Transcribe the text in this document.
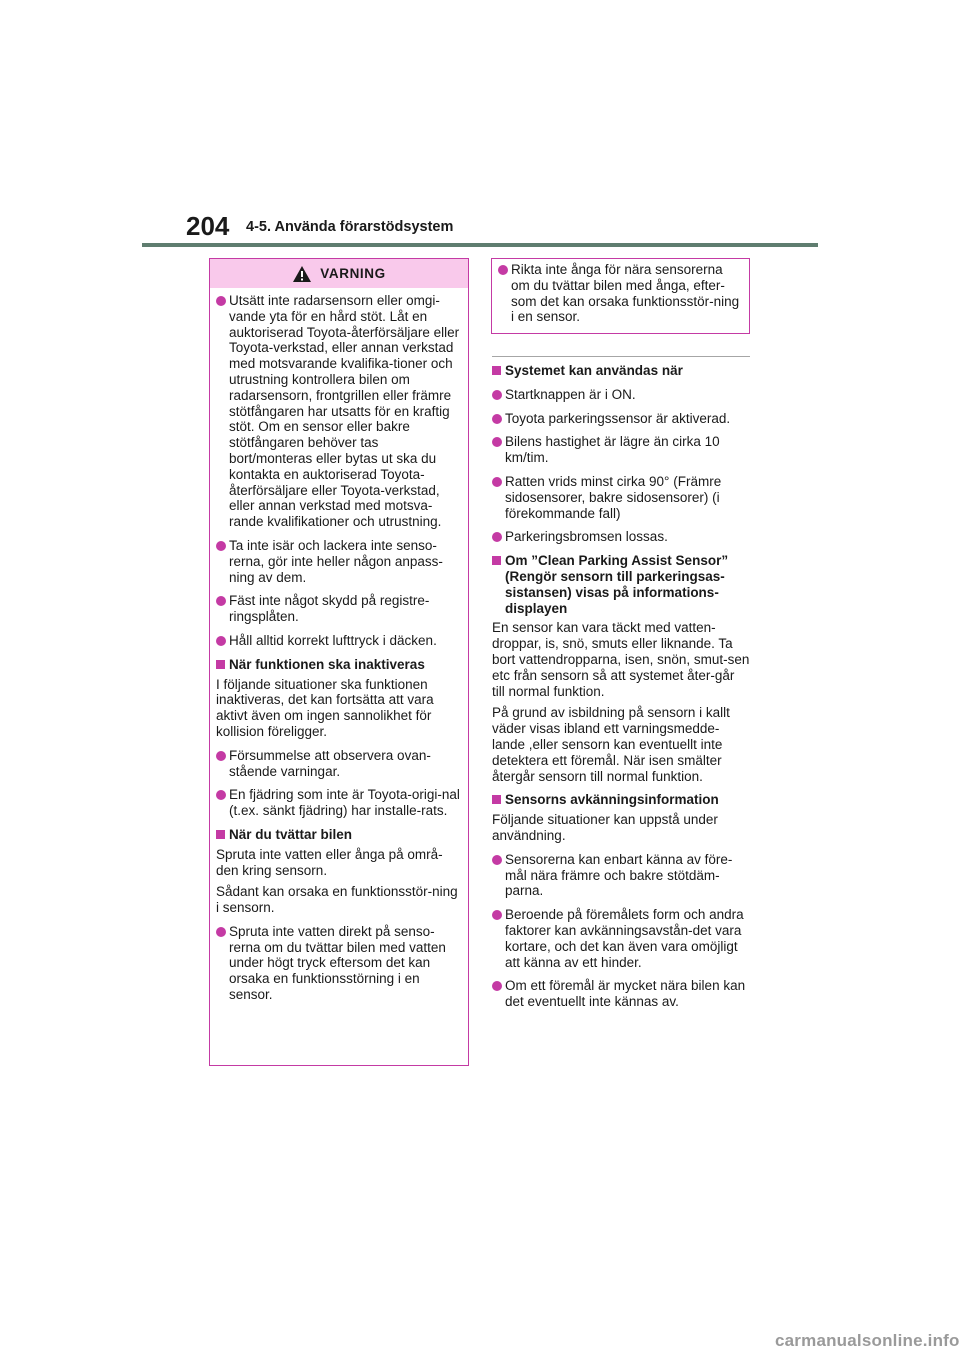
204 4-5. Använda förarstödsystem
VARNING
Utsätt inte radarsensorn eller omgi-vande yta för en hård stöt. Låt en auktoriserad Toyota-återförsäljare eller Toyota-verkstad, eller annan verkstad med motsvarande kvalifika-tioner och utrustning kontrollera bilen om radarsensorn, frontgrillen eller främre stötfångaren har utsatts för en kraftig stöt. Om en sensor eller bakre stötfångaren behöver tas bort/monteras eller bytas ut ska du kontakta en auktoriserad Toyota-återförsäljare eller Toyota-verkstad, eller annan verkstad med motsva-rande kvalifikationer och utrustning.
Ta inte isär och lackera inte senso-rerna, gör inte heller någon anpass-ning av dem.
Fäst inte något skydd på registre-ringsplåten.
Håll alltid korrekt lufttryck i däcken.
När funktionen ska inaktiveras

I följande situationer ska funktionen inaktiveras, det kan fortsätta att vara aktivt även om ingen sannolikhet för kollision föreligger.

Försummelse att observera ovan-stående varningar.
En fjädring som inte är Toyota-origi-nal (t.ex. sänkt fjädring) har installe-rats.
När du tvättar bilen

Spruta inte vatten eller ånga på områ-den kring sensorn.

Sådant kan orsaka en funktionsstör-ning i sensorn.

Spruta inte vatten direkt på senso-rerna om du tvättar bilen med vatten under högt tryck eftersom det kan orsaka en funktionsstörning i en sensor.
Rikta inte ånga för nära sensorerna om du tvättar bilen med ånga, efter-som det kan orsaka funktionsstör-ning i en sensor.
Systemet kan användas när
Startknappen är i ON.
Toyota parkeringssensor är aktiverad.
Bilens hastighet är lägre än cirka 10 km/tim.
Ratten vrids minst cirka 90° (Främre sidosensorer, bakre sidosensorer) (i förekommande fall)
Parkeringsbromsen lossas.
Om ”Clean Parking Assist Sensor” (Rengör sensorn till parkeringsas-sistansen) visas på informations-displayen

En sensor kan vara täckt med vatten-droppar, is, snö, smuts eller liknande. Ta bort vattendropparna, isen, snön, smut-sen etc från sensorn så att systemet åter-går till normal funktion.

På grund av isbildning på sensorn i kallt väder visas ibland ett varningsmedde-lande ,eller sensorn kan eventuellt inte detektera ett föremål. När isen smälter återgår sensorn till normal funktion.

Sensorns avkänningsinformation

Följande situationer kan uppstå under användning.

Sensorerna kan enbart känna av före-mål nära främre och bakre stötdäm-parna.
Beroende på föremålets form och andra faktorer kan avkänningsavstån-det vara kortare, och det kan även vara omöjligt att känna av ett hinder.
Om ett föremål är mycket nära bilen kan det eventuellt inte kännas av.
carmanualsonline.info
